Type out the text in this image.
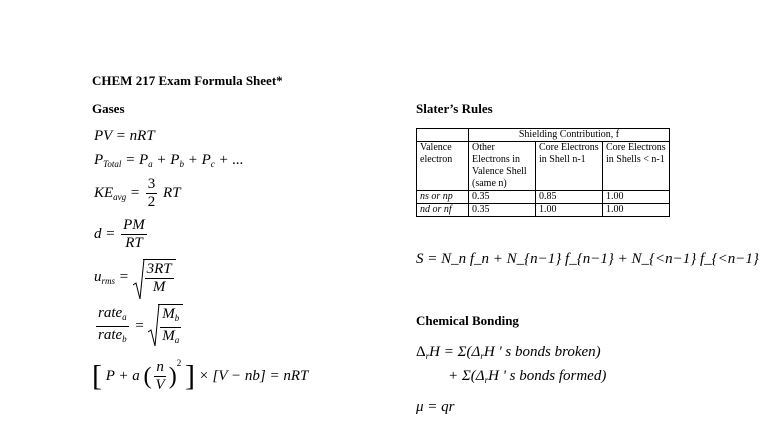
CHEM 217 Exam Formula Sheet*
Gases
PV = nRT
$P_{Total} = P_a + P_b + P_c$ + ...
$KE_{avg} = \frac{3}{2}$ RT
$d = \frac{PM}{RT}$
$u_{rms} = \frac{3RT}{M}$
$\frac{rate_a}{rate_b} = \frac{M_b}{M_a}$
[ P + a ( $\frac{n}{V} )^2$ ] × [V − nb] = nRT
Slater’s Rules
	Shielding Contribution, f		
Valence electron	Other Electrons in Valence Shell (same n)	Core Electrons in Shell n-1	Core Electrons in Shells < n-1
ns or np	0.35	0.85	1.00
nd or nf	0.35	1.00	1.00
S = N_n f_n + N_{n−1} f_{n−1} + N_{<n−1} f_{<n−1}
Chemical Bonding
$\Delta_rH = \Sigma(\Delta_rH$ ' s bonds broken)
+ $\Sigma(\Delta_rH$ ' s bonds formed)
μ = qr
